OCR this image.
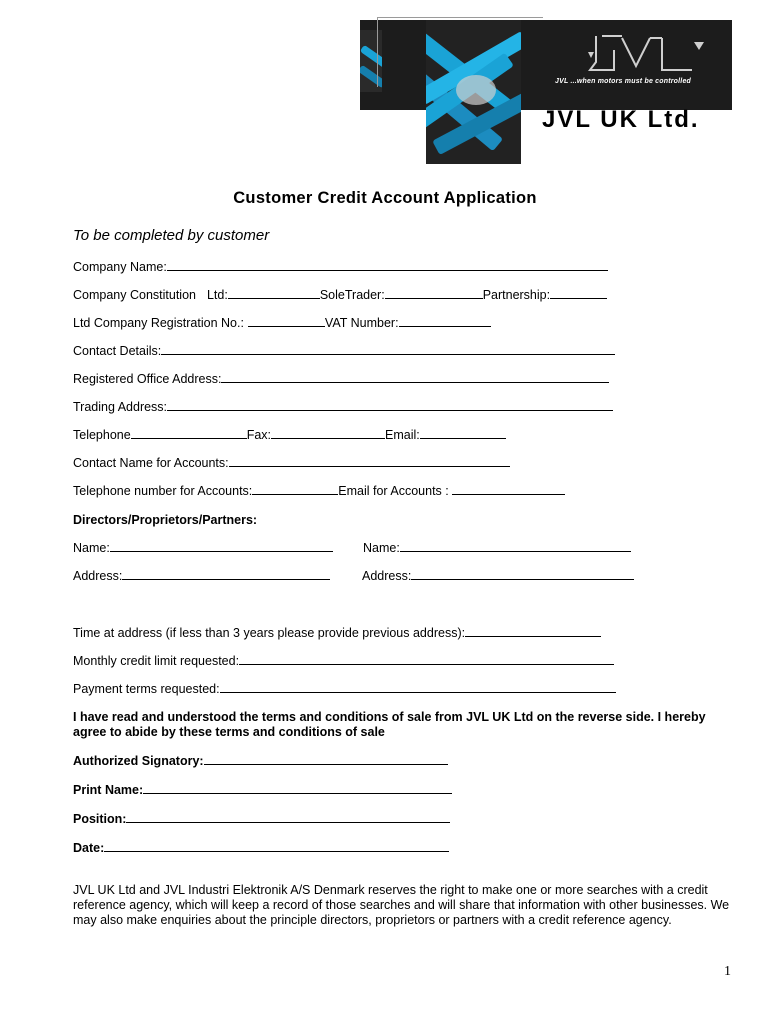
JVL ...when motors must be controlled
JVL UK Ltd.
Customer Credit Account Application
To be completed by customer
Company Name:
Company Constitution Ltd:	SoleTrader:	Partnership:
Ltd Company Registration No.:	VAT Number:
Contact Details:
Registered Office Address:
Trading Address:
Telephone	Fax:	Email:
Contact Name for Accounts:
Telephone number for Accounts:	Email for Accounts :
Directors/Proprietors/Partners:
Name:	Name:
Address:	Address:
Time at address (if less than 3 years please provide previous address):
Monthly credit limit requested:
Payment terms requested:
I have read and understood the terms and conditions of sale from JVL UK Ltd on the reverse side. I hereby agree to abide by these terms and conditions of sale
Authorized Signatory:
Print Name:
Position:
Date:
JVL UK Ltd and JVL Industri Elektronik A/S Denmark reserves the right to make one or more searches with a credit reference agency, which will keep a record of those searches and will share that information with other businesses. We may also make enquiries about the principle directors, proprietors or partners with a credit reference agency.
1
